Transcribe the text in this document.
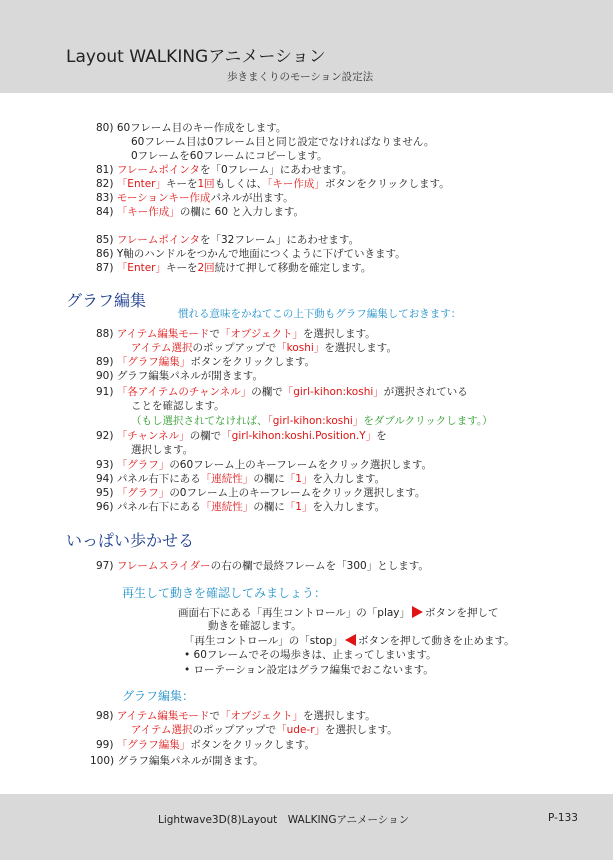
Layout WALKINGアニメーション
歩きまくりのモーション設定法
80) 60フレーム目のキー作成をします。
60フレーム目は0フレーム目と同じ設定でなければなりません。
0フレームを60フレームにコピーします。
81) フレームポインタを「0フレーム」にあわせます。
82) 「Enter」キーを1回もしくは、「キー作成」ボタンをクリックします。
83) モーションキー作成パネルが出ます。
84) 「キー作成」の欄に 60 と入力します。
85) フレームポインタを「32フレーム」にあわせます。
86) Y軸のハンドルをつかんで地面につくように下げていきます。
87) 「Enter」キーを2回続けて押して移動を確定します。
グラフ編集
慣れる意味をかねてこの上下動もグラフ編集しておきます：
88) アイテム編集モードで「オブジェクト」を選択します。
アイテム選択のポップアップで「koshi」を選択します。
89) 「グラフ編集」ボタンをクリックします。
90) グラフ編集パネルが開きます。
91) 「各アイテムのチャンネル」の欄で「girl-kihon:koshi」が選択されている
ことを確認します。
（もし選択されてなければ、「girl-kihon:koshi」をダブルクリックします。）
92) 「チャンネル」の欄で「girl-kihon:koshi.Position.Y」を
選択します。
93) 「グラフ」の60フレーム上のキーフレームをクリック選択します。
94) パネル右下にある「連続性」の欄に「1」を入力します。
95) 「グラフ」の0フレーム上のキーフレームをクリック選択します。
96) パネル右下にある「連続性」の欄に「1」を入力します。
いっぱい歩かせる
97) フレームスライダーの右の欄で最終フレームを「300」とします。
再生して動きを確認してみましょう：
画面右下にある「再生コントロール」の「play」 ボタンを押して
動きを確認します。
「再生コントロール」の「stop」 ボタンを押して動きを止めます。
• 60フレームでその場歩きは、止まってしまいます。
• ローテーション設定はグラフ編集でおこないます。
グラフ編集：
98) アイテム編集モードで「オブジェクト」を選択します。
アイテム選択のポップアップで「ude-r」を選択します。
99) 「グラフ編集」ボタンをクリックします。
100) グラフ編集パネルが開きます。
Lightwave3D(8)Layout　WALKINGアニメーション	P-133
